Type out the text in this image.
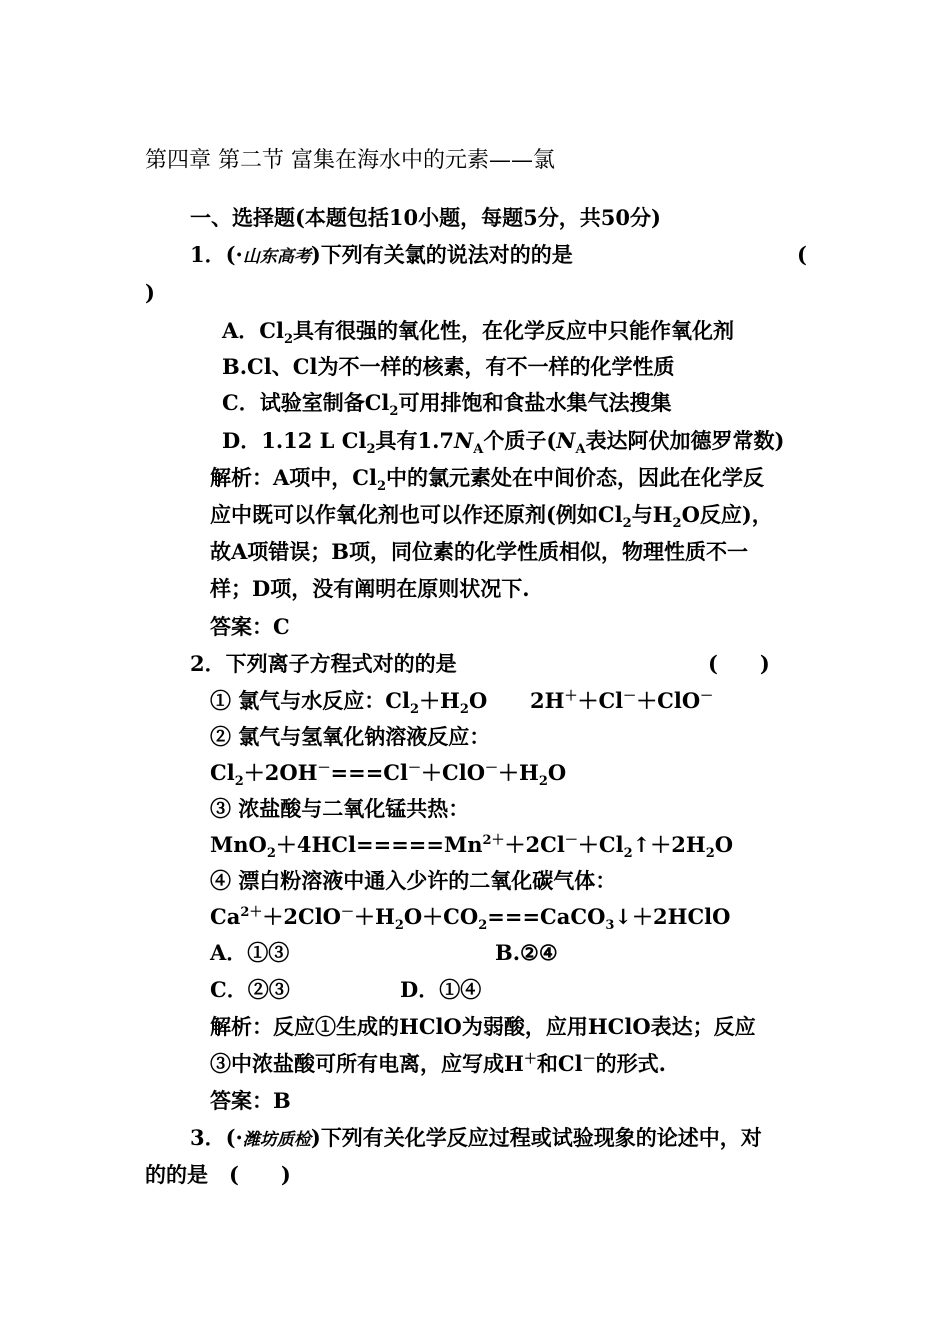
第四章 第二节 富集在海水中的元素——氯
一、选择题(本题包括10小题，每题5分，共50分)
1．(·山东高考)下列有关氯的说法对的的是	(
)
A．$Cl_2$具有很强的氧化性，在化学反应中只能作氧化剂
B.Cl、Cl为不一样的核素，有不一样的化学性质
C．试验室制备$Cl_2$可用排饱和食盐水集气法搜集
D．1.12 L $Cl_2$具有$1.7N_A$个质子($N_A$表达阿伏加德罗常数)
解析：A项中，$Cl_2$中的氯元素处在中间价态，因此在化学反
应中既可以作氧化剂也可以作还原剂(例如$Cl_2$与$H_2O$反应)，
故A项错误；B项，同位素的化学性质相似，物理性质不一
样；D项，没有阐明在原则状况下.
答案：C
2．下列离子方程式对的的是	(　　)
① 氯气与水反应：$Cl_2+H_2O$ 2H＋＋Cl－＋ClO－
② 氯气与氢氧化钠溶液反应：
$Cl_2+2OH^-===Cl^-+ClO^-+H_2O$
③ 浓盐酸与二氧化锰共热：
$MnO_2+4HCl=====Mn^{2+}+2Cl^-+Cl_2↑+2H_2O$
④ 漂白粉溶液中通入少许的二氧化碳气体：
$Ca^{2+}+2ClO^-+H_2O+CO_2===CaCO_3↓+2HClO$
A．①③	B.②④
C．②③	D．①④
解析：反应①生成的HClO为弱酸，应用HClO表达；反应
③中浓盐酸可所有电离，应写成H＋和Cl－的形式.
答案：B
3．(·潍坊质检)下列有关化学反应过程或试验现象的论述中，对
的的是　(　　)
